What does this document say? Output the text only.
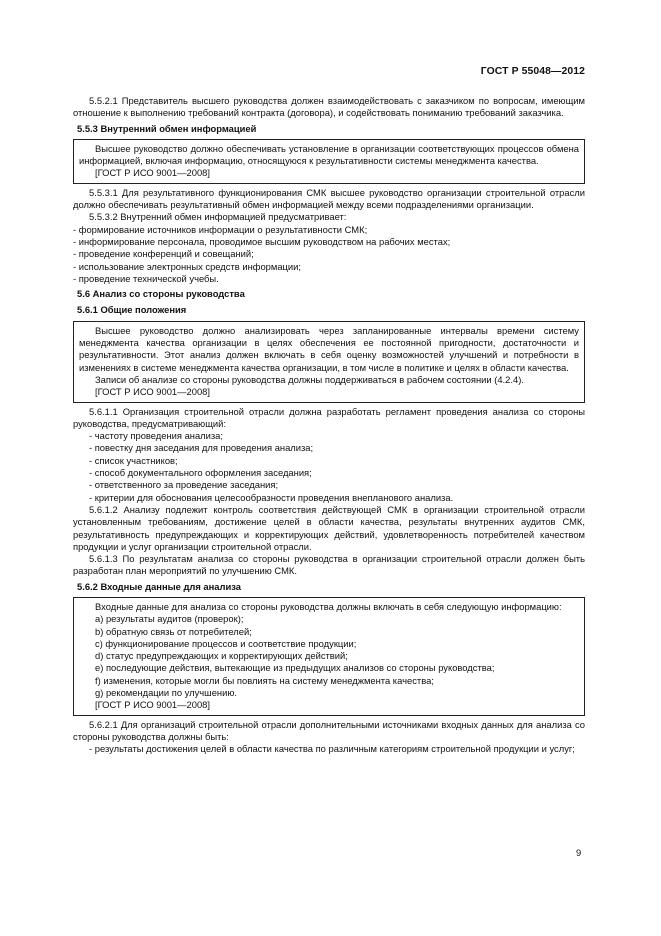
ГОСТ Р 55048—2012

5.5.2.1 Представитель высшего руководства должен взаимодействовать с заказчиком по вопросам, имеющим отношение к выполнению требований контракта (договора), и содействовать пониманию требований заказчика.

5.5.3 Внутренний обмен информацией

Высшее руководство должно обеспечивать установление в организации соответствующих процессов обмена информацией, включая информацию, относящуюся к результативности системы менеджмента качества.

[ГОСТ Р ИСО 9001—2008]

5.5.3.1 Для результативного функционирования СМК высшее руководство организации строительной отрасли должно обеспечивать результативный обмен информацией между всеми подразделениями организации.

5.5.3.2 Внутренний обмен информацией предусматривает:

- формирование источников информации о результативности СМК;

- информирование персонала, проводимое высшим руководством на рабочих местах;

- проведение конференций и совещаний;

- использование электронных средств информации;

- проведение технической учебы.

5.6 Анализ со стороны руководства

5.6.1 Общие положения

Высшее руководство должно анализировать через запланированные интервалы времени систему менеджмента качества организации в целях обеспечения ее постоянной пригодности, достаточности и результативности. Этот анализ должен включать в себя оценку возможностей улучшений и потребности в изменениях в системе менеджмента качества организации, в том числе в политике и целях в области качества.

Записи об анализе со стороны руководства должны поддерживаться в рабочем состоянии (4.2.4).

[ГОСТ Р ИСО 9001—2008]

5.6.1.1 Организация строительной отрасли должна разработать регламент проведения анализа со стороны руководства, предусматривающий:

- частоту проведения анализа;

- повестку дня заседания для проведения анализа;

- список участников;

- способ документального оформления заседания;

- ответственного за проведение заседания;

- критерии для обоснования целесообразности проведения внепланового анализа.

5.6.1.2 Анализу подлежит контроль соответствия действующей СМК в организации строительной отрасли установленным требованиям, достижение целей в области качества, результаты внутренних аудитов СМК, результативность предупреждающих и корректирующих действий, удовлетворенность потребителей качеством продукции и услуг организации строительной отрасли.

5.6.1.3 По результатам анализа со стороны руководства в организации строительной отрасли должен быть разработан план мероприятий по улучшению СМК.

5.6.2 Входные данные для анализа

Входные данные для анализа со стороны руководства должны включать в себя следующую информацию:

a) результаты аудитов (проверок);

b) обратную связь от потребителей;

c) функционирование процессов и соответствие продукции;

d) статус предупреждающих и корректирующих действий;

e) последующие действия, вытекающие из предыдущих анализов со стороны руководства;

f) изменения, которые могли бы повлиять на систему менеджмента качества;

g) рекомендации по улучшению.

[ГОСТ Р ИСО 9001—2008]

5.6.2.1 Для организаций строительной отрасли дополнительными источниками входных данных для анализа со стороны руководства должны быть:

- результаты достижения целей в области качества по различным категориям строительной продукции и услуг;

9
